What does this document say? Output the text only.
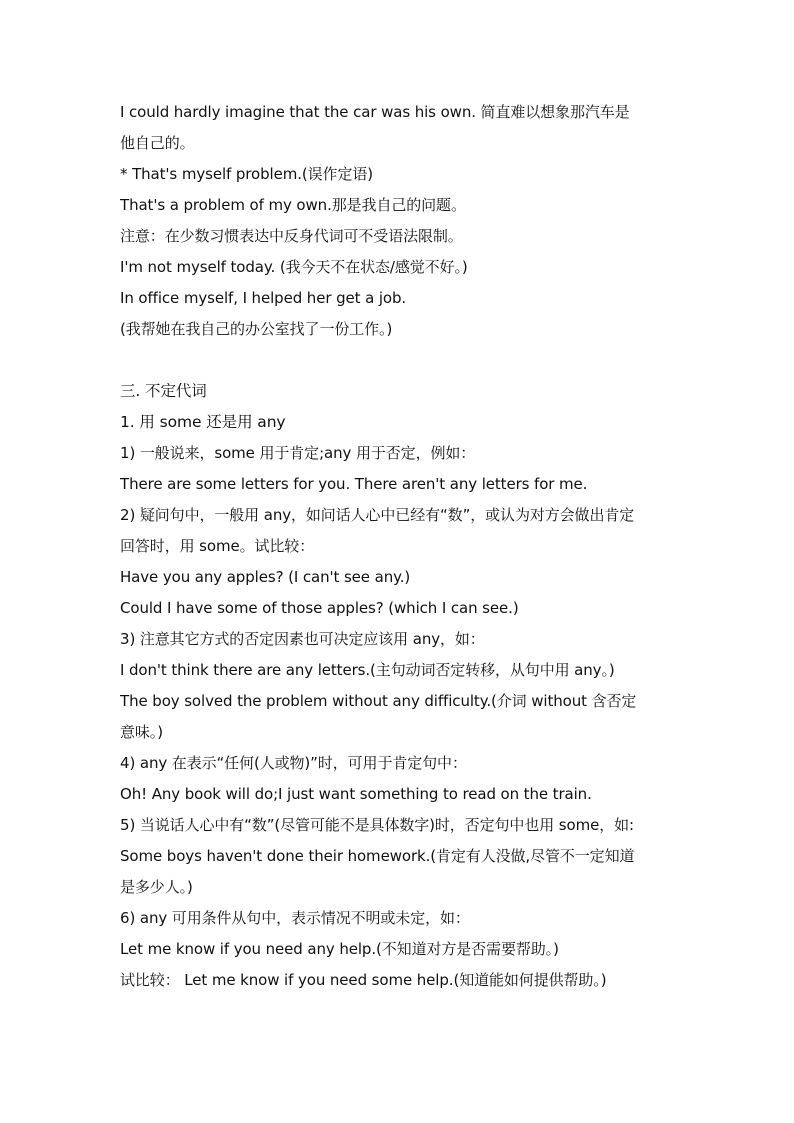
I could hardly imagine that the car was his own. 简直难以想象那汽车是
他自己的。
* That's myself problem.(误作定语)
That's a problem of my own.那是我自己的问题。
注意：在少数习惯表达中反身代词可不受语法限制。
I'm not myself today. (我今天不在状态/感觉不好。)
In office myself, I helped her get a job.
(我帮她在我自己的办公室找了一份工作。)
三. 不定代词
1. 用 some 还是用 any
1) 一般说来，some 用于肯定;any 用于否定，例如：
There are some letters for you. There aren't any letters for me.
2) 疑问句中，一般用 any，如问话人心中已经有“数”，或认为对方会做出肯定
回答时，用 some。试比较：
Have you any apples? (I can't see any.)
Could I have some of those apples? (which I can see.)
3) 注意其它方式的否定因素也可决定应该用 any，如：
I don't think there are any letters.(主句动词否定转移，从句中用 any。)
The boy solved the problem without any difficulty.(介词 without 含否定
意味。)
4) any 在表示“任何(人或物)”时，可用于肯定句中：
Oh! Any book will do;I just want something to read on the train.
5) 当说话人心中有“数”(尽管可能不是具体数字)时，否定句中也用 some，如:
Some boys haven't done their homework.(肯定有人没做,尽管不一定知道
是多少人。)
6) any 可用条件从句中，表示情况不明或未定，如：
Let me know if you need any help.(不知道对方是否需要帮助。)
试比较： Let me know if you need some help.(知道能如何提供帮助。)
